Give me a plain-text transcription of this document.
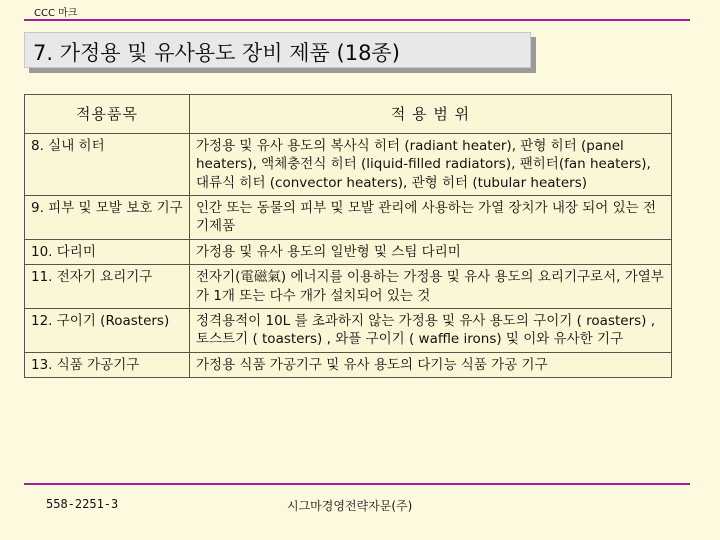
CCC 마크
7. 가정용 및 유사용도 장비 제품 (18종)
적용품목	적 용 범 위
8. 실내 히터	가정용 및 유사 용도의 복사식 히터 (radiant heater), 판형 히터 (panel heaters), 액체충전식 히터 (liquid-filled radiators), 팬히터(fan heaters), 대류식 히터 (convector heaters), 관형 히터 (tubular heaters)
9. 피부 및 모발 보호 기구	인간 또는 동물의 피부 및 모발 관리에 사용하는 가열 장치가 내장 되어 있는 전기제품
10. 다리미	가정용 및 유사 용도의 일반형 및 스팀 다리미
11. 전자기 요리기구	전자기(電磁氣) 에너지를 이용하는 가정용 및 유사 용도의 요리기구로서, 가열부가 1개 또는 다수 개가 설치되어 있는 것
12. 구이기 (Roasters)	정격용적이 10L 를 초과하지 않는 가정용 및 유사 용도의 구이기 ( roasters) , 토스트기 ( toasters) , 와플 구이기 ( waffle irons) 및 이와 유사한 기구
13. 식품 가공기구	가정용 식품 가공기구 및 유사 용도의 다기능 식품 가공 기구
558-2251-3	시그마경영전략자문(주)
